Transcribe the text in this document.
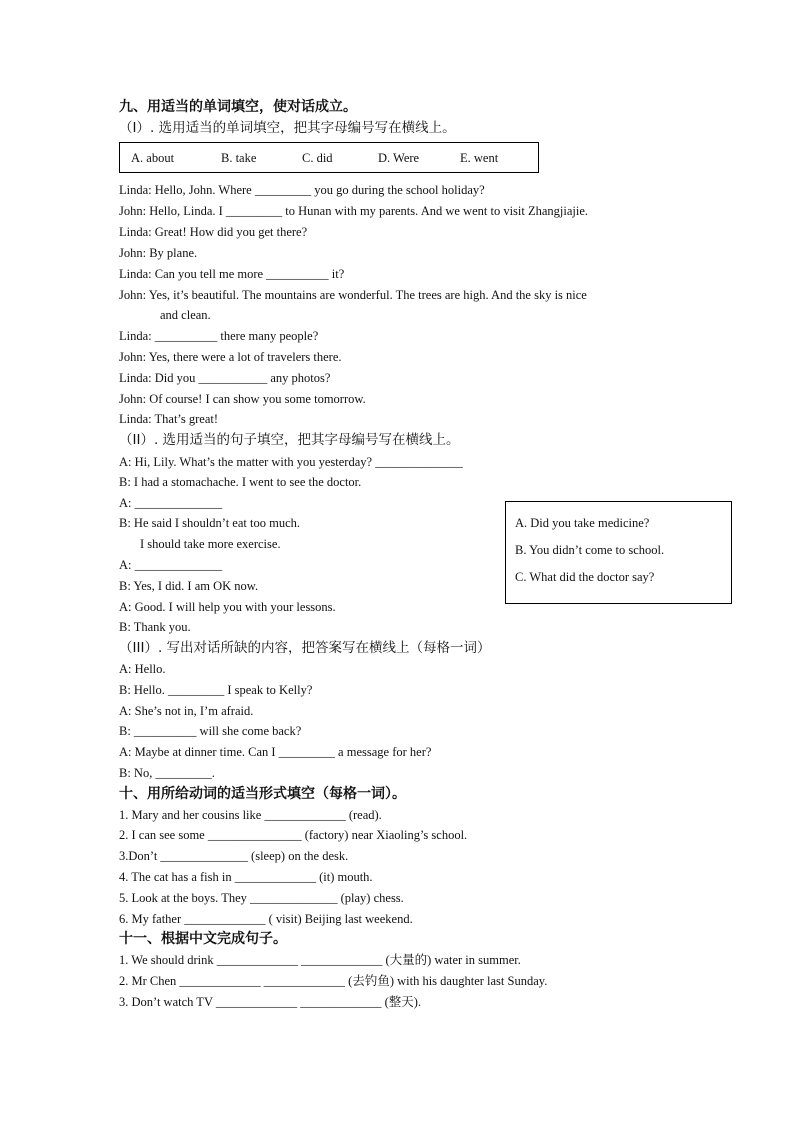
九、用适当的单词填空，使对话成立。
（I）. 选用适当的单词填空，把其字母编号写在横线上。
A. about	B. take	C. did	D. Were	E. went
Linda: Hello, John. Where _________ you go during the school holiday?
John: Hello, Linda. I _________ to Hunan with my parents. And we went to visit Zhangjiajie.
Linda: Great! How did you get there?
John: By plane.
Linda: Can you tell me more __________ it?
John: Yes, it’s beautiful. The mountains are wonderful. The trees are high. And the sky is nice
and clean.
Linda: __________ there many people?
John: Yes, there were a lot of travelers there.
Linda: Did you ___________ any photos?
John: Of course! I can show you some tomorrow.
Linda: That’s great!
（II）. 选用适当的句子填空，把其字母编号写在横线上。
A: Hi, Lily. What’s the matter with you yesterday? ______________
B: I had a stomachache. I went to see the doctor.
A: ______________
B: He said I shouldn’t eat too much.
I should take more exercise.
A: ______________
B: Yes, I did. I am OK now.
A: Good. I will help you with your lessons.
B: Thank you.
A. Did you take medicine?
B. You didn’t come to school.
C. What did the doctor say?
（III）. 写出对话所缺的内容，把答案写在横线上（每格一词）
A: Hello.
B: Hello. _________ I speak to Kelly?
A: She’s not in, I’m afraid.
B: __________ will she come back?
A: Maybe at dinner time. Can I _________ a message for her?
B: No, _________.
十、用所给动词的适当形式填空（每格一词）。
1. Mary and her cousins like _____________ (read).
2. I can see some _______________ (factory) near Xiaoling’s school.
3.Don’t ______________ (sleep) on the desk.
4. The cat has a fish in _____________ (it) mouth.
5. Look at the boys. They ______________ (play) chess.
6. My father _____________ ( visit) Beijing last weekend.
十一、根据中文完成句子。
1. We should drink _____________ _____________ (大量的) water in summer.
2. Mr Chen _____________ _____________ (去钓鱼) with his daughter last Sunday.
3. Don’t watch TV _____________ _____________ (整天).
